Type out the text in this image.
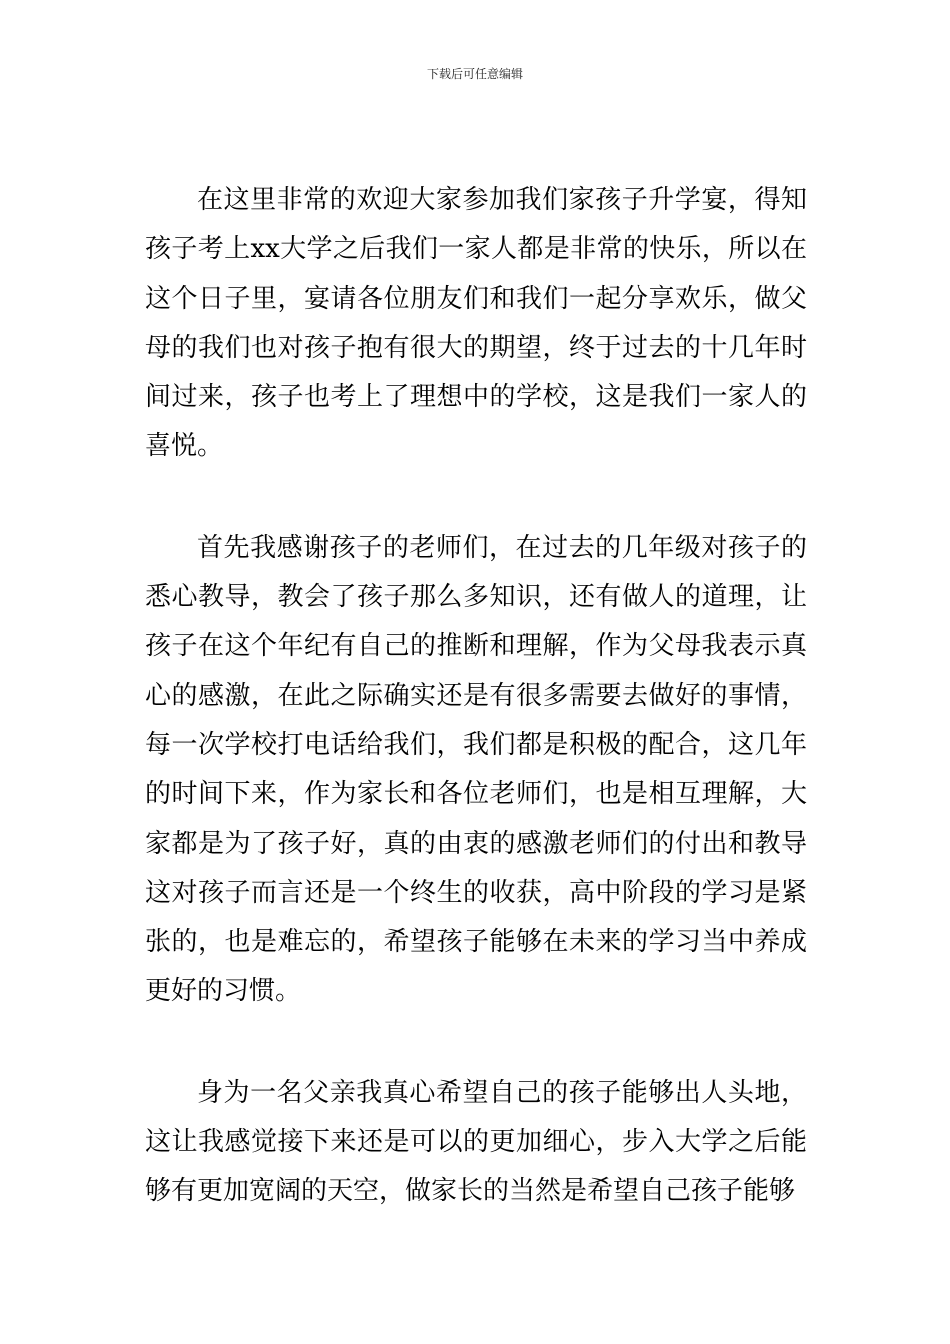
下载后可任意编辑

在这里非常的欢迎大家参加我们家孩子升学宴，得知孩子考上xx大学之后我们一家人都是非常的快乐，所以在这个日子里，宴请各位朋友们和我们一起分享欢乐，做父母的我们也对孩子抱有很大的期望，终于过去的十几年时间过来，孩子也考上了理想中的学校，这是我们一家人的喜悦。

首先我感谢孩子的老师们，在过去的几年级对孩子的悉心教导，教会了孩子那么多知识，还有做人的道理，让孩子在这个年纪有自己的推断和理解，作为父母我表示真心的感激，在此之际确实还是有很多需要去做好的事情，每一次学校打电话给我们，我们都是积极的配合，这几年的时间下来，作为家长和各位老师们，也是相互理解，大家都是为了孩子好，真的由衷的感激老师们的付出和教导这对孩子而言还是一个终生的收获，高中阶段的学习是紧张的，也是难忘的，希望孩子能够在未来的学习当中养成更好的习惯。

身为一名父亲我真心希望自己的孩子能够出人头地，这让我感觉接下来还是可以的更加细心，步入大学之后能够有更加宽阔的天空，做家长的当然是希望自己孩子能够
